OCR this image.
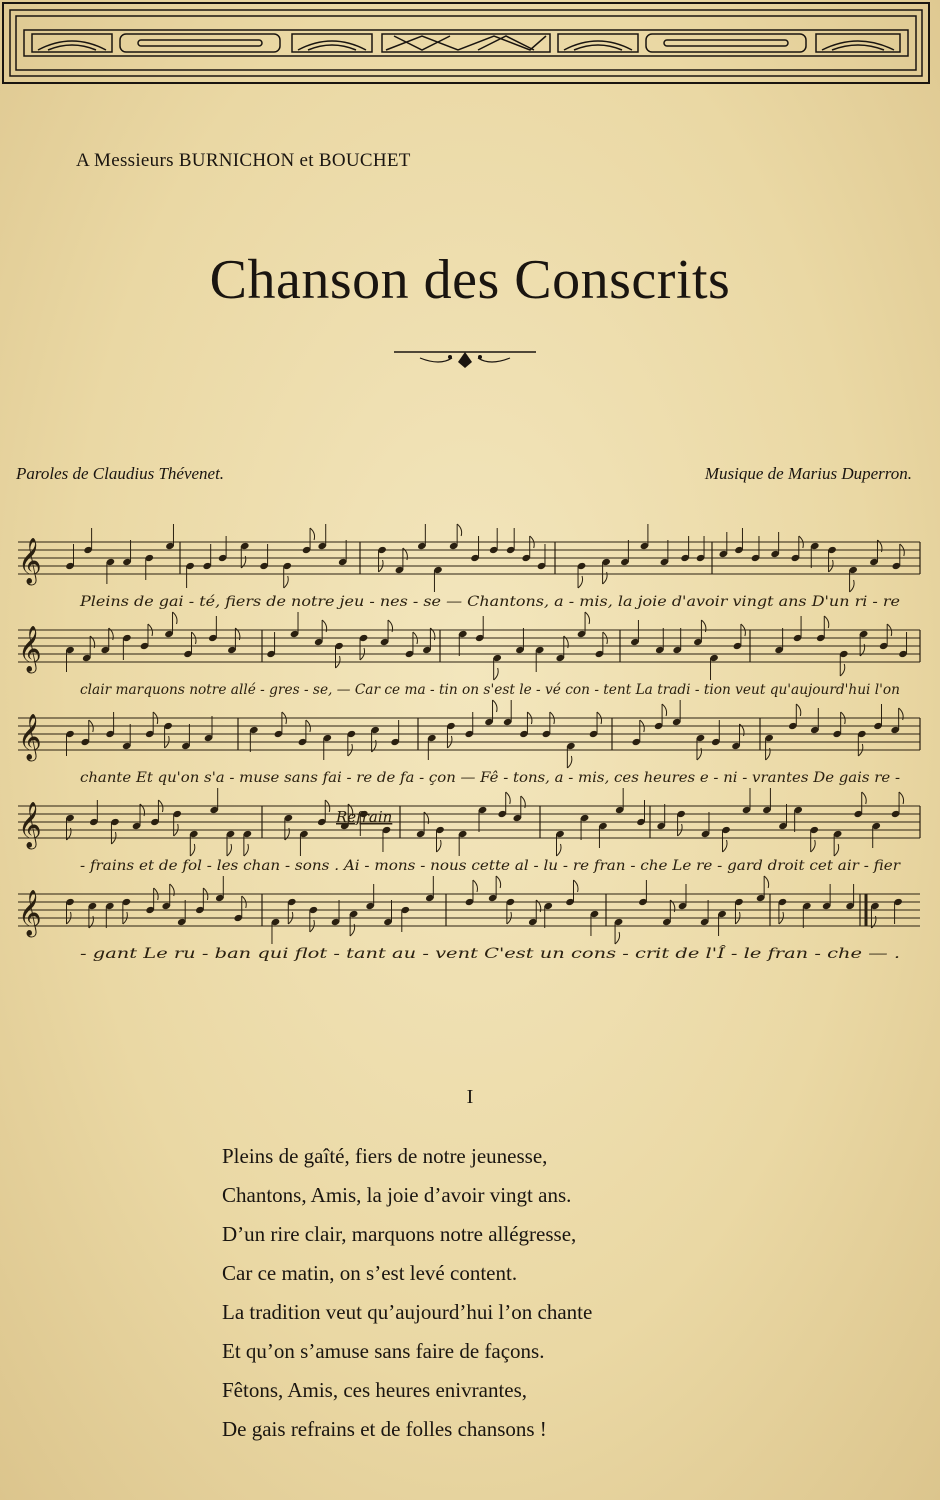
A Messieurs BURNICHON et BOUCHET
Chanson des Conscrits
Paroles de Claudius Thévenet.	Musique de Marius Duperron.
𝄞
𝄞
𝄞
𝄞
𝄞
Pleins de gai - té, fiers de notre jeu - nes - se — Chantons, a - mis, la joie d'avoir vingt ans D'un ri - re
clair marquons notre allé - gres - se, — Car ce ma - tin on s'est le - vé con - tent La tradi - tion veut qu'aujourd'hui l'on
chante Et qu'on s'a - muse sans fai - re de fa - çon — Fê - tons, a - mis, ces heures e - ni - vrantes De gais re -
- frains et de fol - les chan - sons . Ai - mons - nous cette al - lu - re fran - che Le re - gard droit cet air - fier
- gant Le ru - ban qui flot - tant au - vent C'est un cons - crit de l'Î - le fran - che — .
Refrain
I
Pleins de gaîté, fiers de notre jeunesse,
Chantons, Amis, la joie d’avoir vingt ans.
D’un rire clair, marquons notre allégresse,
Car ce matin, on s’est levé content.
La tradition veut qu’aujourd’hui l’on chante
Et qu’on s’amuse sans faire de façons.
Fêtons, Amis, ces heures enivrantes,
De gais refrains et de folles chansons !
